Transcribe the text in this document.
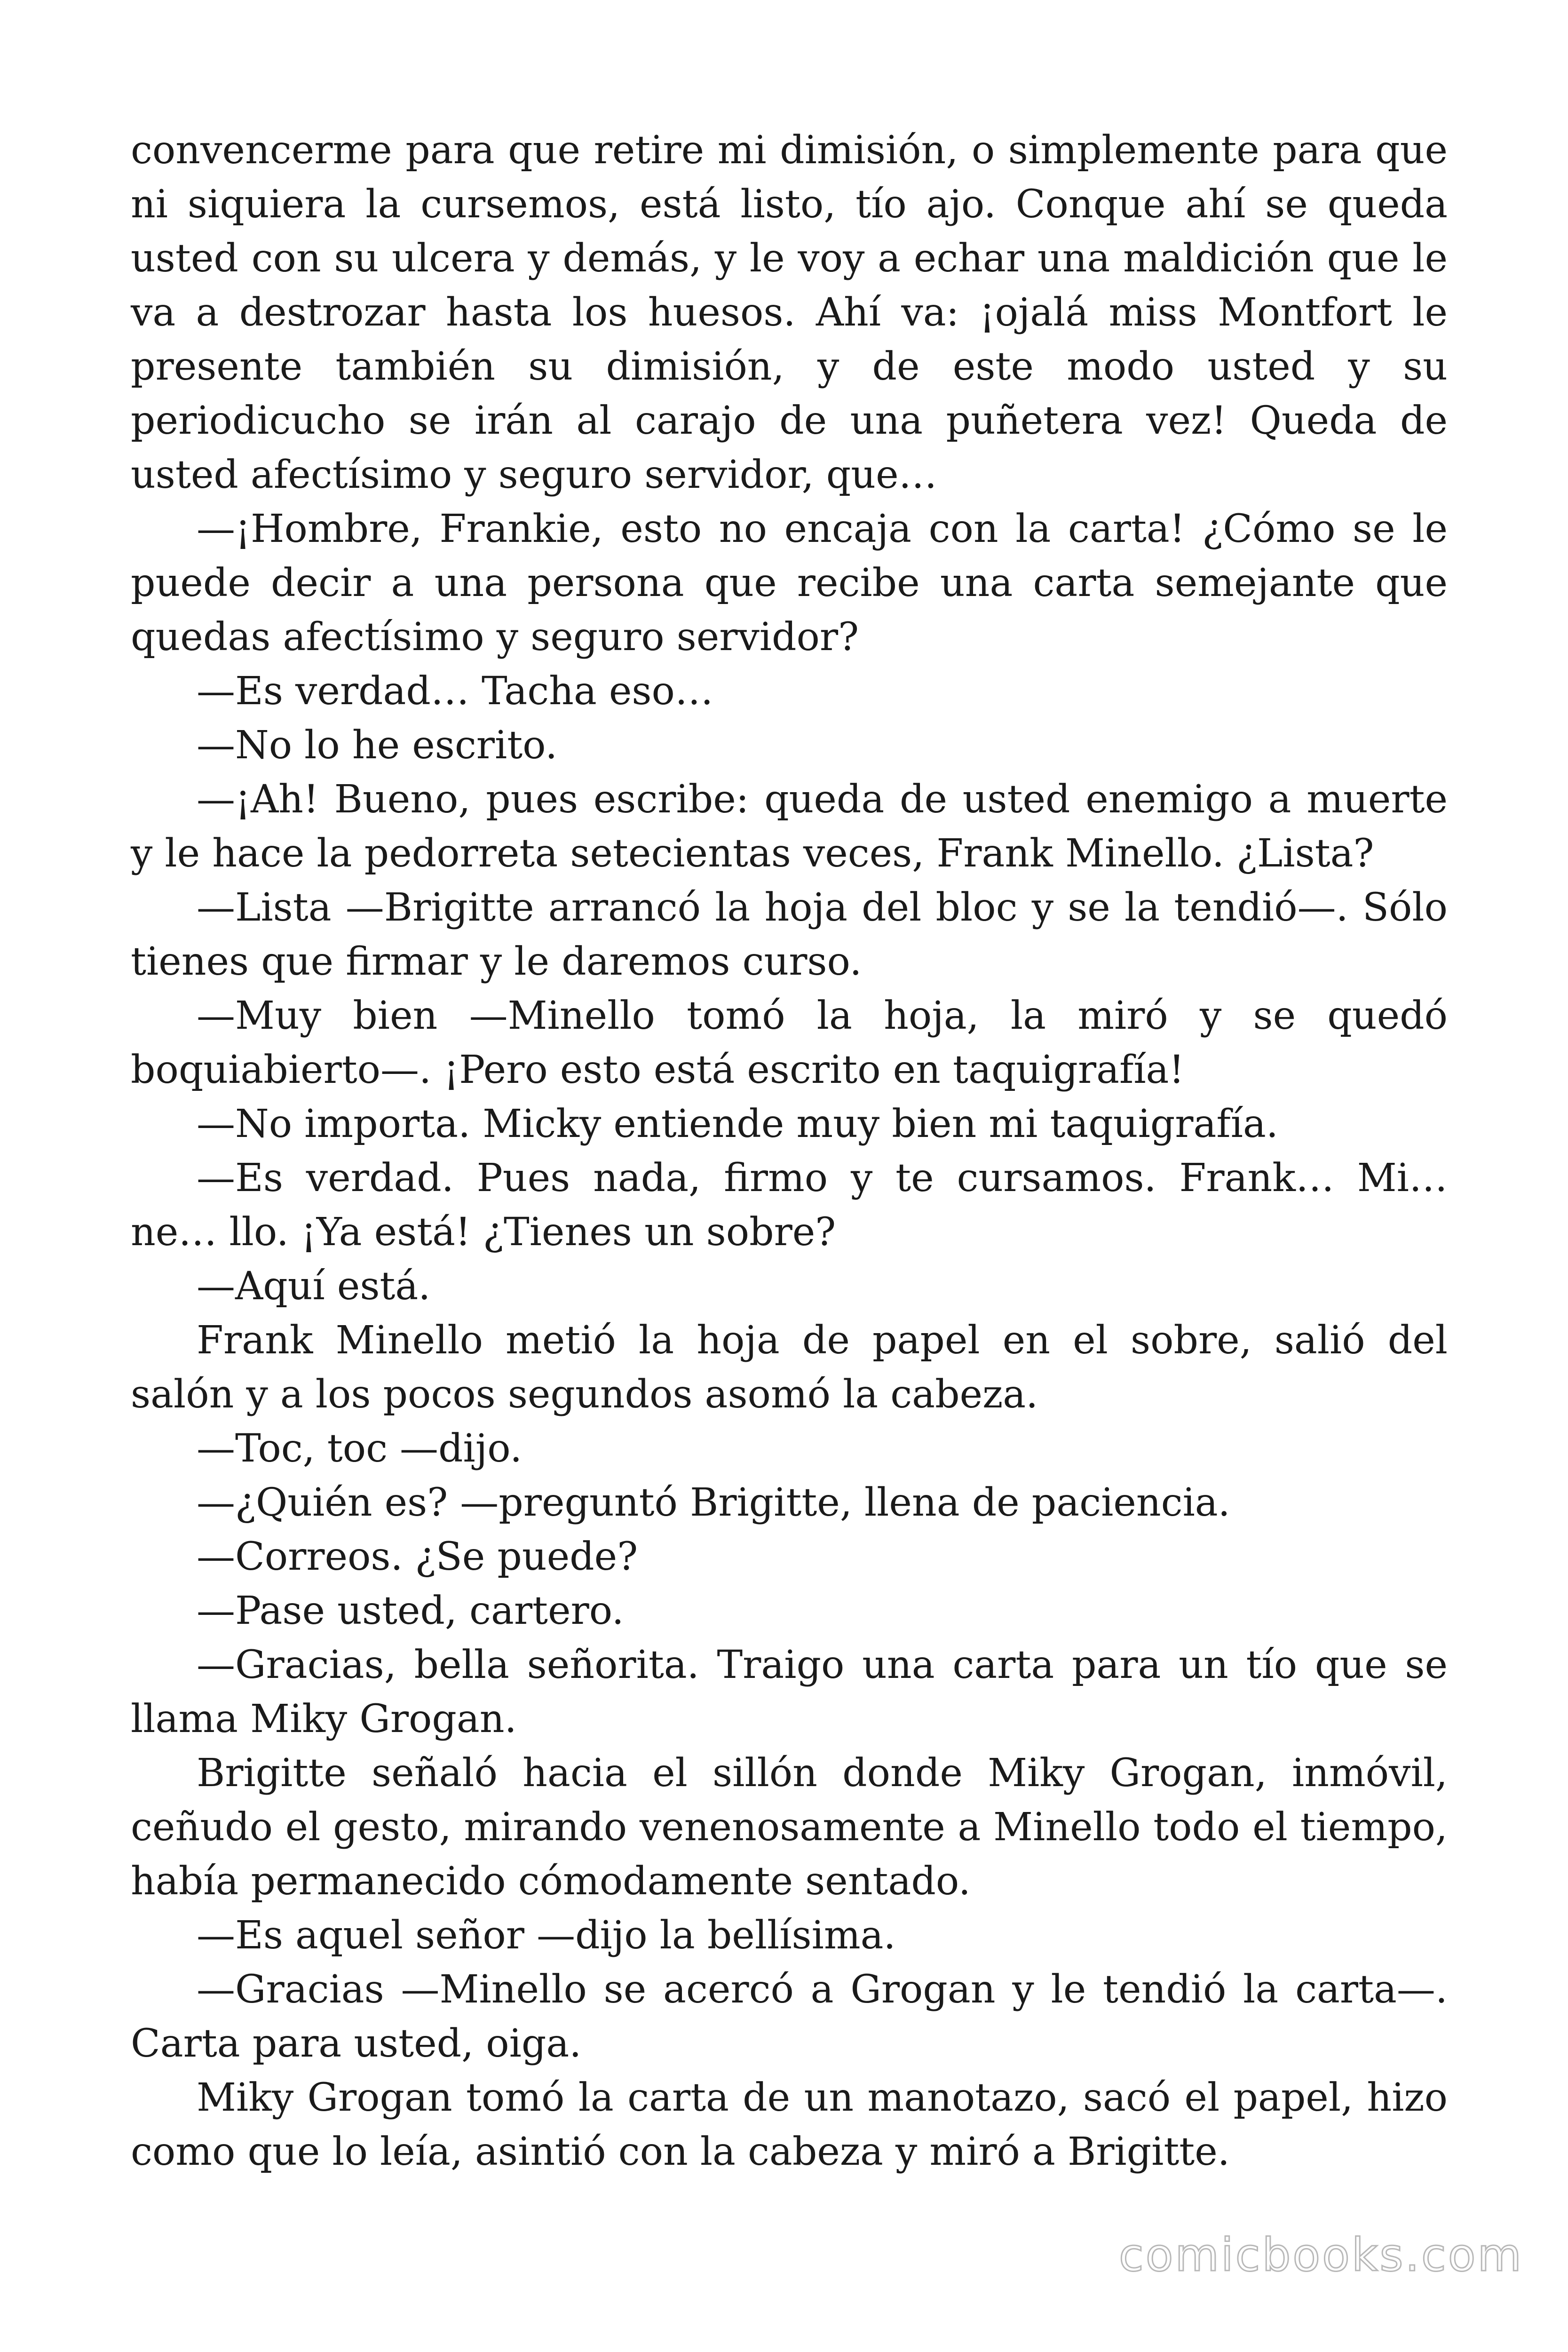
convencerme para que retire mi dimisión, o simplemente para que ni siquiera la cursemos, está listo, tío ajo. Conque ahí se queda usted con su ulcera y demás, y le voy a echar una maldición que le va a destrozar hasta los huesos. Ahí va: ¡ojalá miss Montfort le presente también su dimisión, y de este modo usted y su periodicucho se irán al carajo de una puñetera vez! Queda de usted afectísimo y seguro servidor, que…

—¡Hombre, Frankie, esto no encaja con la carta! ¿Cómo se le puede decir a una persona que recibe una carta semejante que quedas afectísimo y seguro servidor?

—Es verdad… Tacha eso…

—No lo he escrito.

—¡Ah! Bueno, pues escribe: queda de usted enemigo a muerte y le hace la pedorreta setecientas veces, Frank Minello. ¿Lista?

—Lista —Brigitte arrancó la hoja del bloc y se la tendió—. Sólo tienes que firmar y le daremos curso.

—Muy bien —Minello tomó la hoja, la miró y se quedó boquiabierto—. ¡Pero esto está escrito en taquigrafía!

—No importa. Micky entiende muy bien mi taquigrafía.

—Es verdad. Pues nada, firmo y te cursamos. Frank… Mi… ne… llo. ¡Ya está! ¿Tienes un sobre?

—Aquí está.

Frank Minello metió la hoja de papel en el sobre, salió del salón y a los pocos segundos asomó la cabeza.

—Toc, toc —dijo.

—¿Quién es? —preguntó Brigitte, llena de paciencia.

—Correos. ¿Se puede?

—Pase usted, cartero.

—Gracias, bella señorita. Traigo una carta para un tío que se llama Miky Grogan.

Brigitte señaló hacia el sillón donde Miky Grogan, inmóvil, ceñudo el gesto, mirando venenosamente a Minello todo el tiempo, había permanecido cómodamente sentado.

—Es aquel señor —dijo la bellísima.

—Gracias —Minello se acercó a Grogan y le tendió la carta—. Carta para usted, oiga.

Miky Grogan tomó la carta de un manotazo, sacó el papel, hizo como que lo leía, asintió con la cabeza y miró a Brigitte.

comicbooks.com
